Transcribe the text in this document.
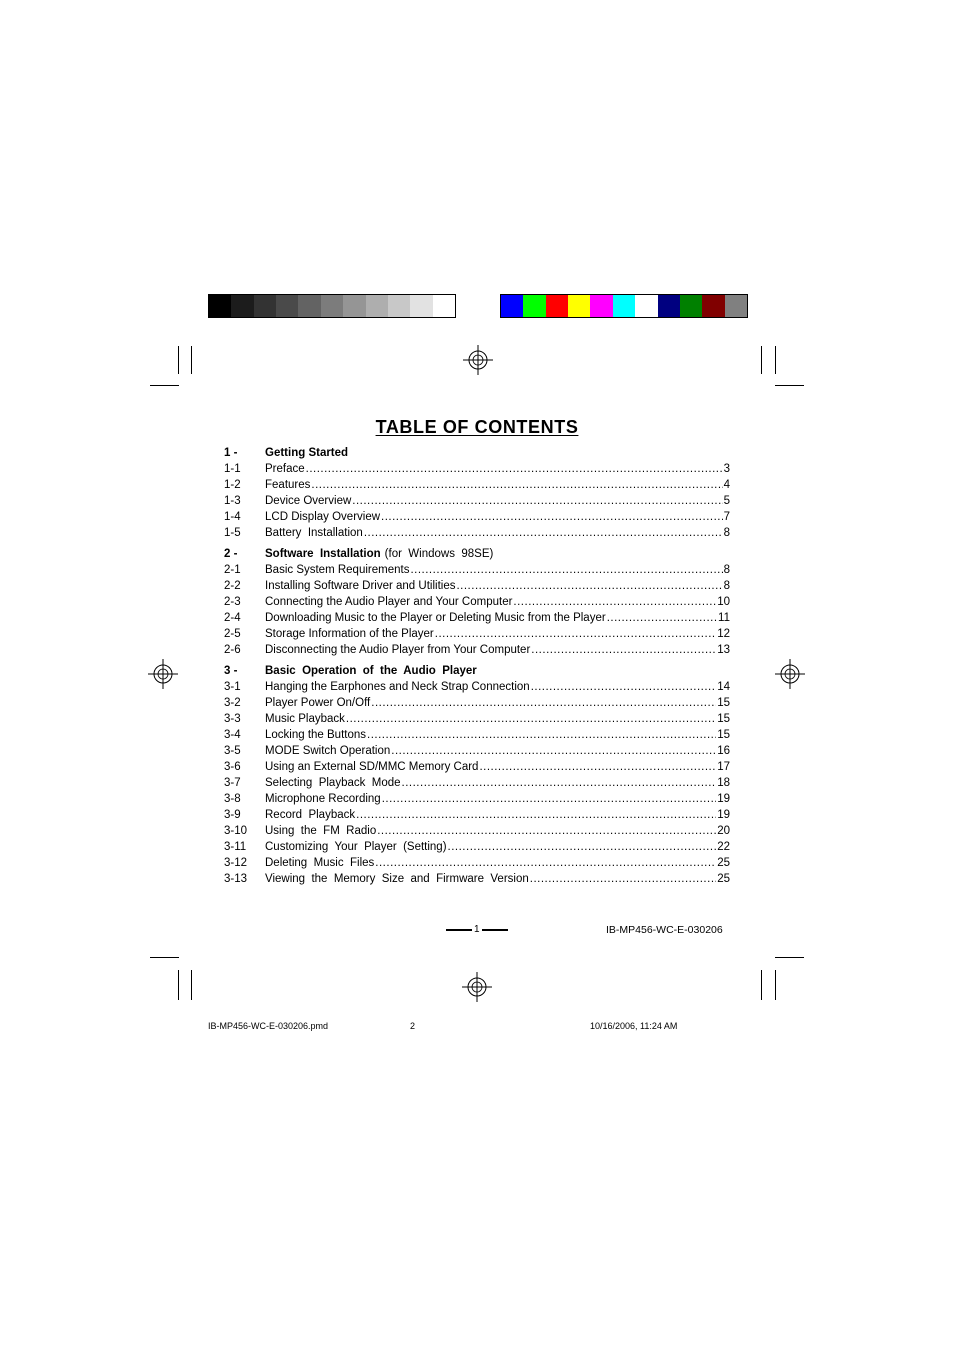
TABLE OF CONTENTS
1 -	Getting Started
1-1	Preface .....	3
1-2	Features .....	4
1-3	Device Overview .....	5
1-4	LCD Display Overview .....	7
1-5	Battery  Installation .....	8
2 -	Software  Installation (for  Windows  98SE)
2-1	Basic System Requirements .....	8
2-2	Installing Software Driver and Utilities .....	8
2-3	Connecting the Audio Player and Your Computer .....	10
2-4	Downloading Music to the Player or Deleting Music from the Player .....	11
2-5	Storage Information of the Player .....	12
2-6	Disconnecting the Audio Player from Your Computer .....	13
3 -	Basic  Operation  of  the  Audio  Player
3-1	Hanging the Earphones and Neck Strap Connection .....	14
3-2	Player Power On/Off .....	15
3-3	Music Playback .....	15
3-4	Locking the Buttons .....	15
3-5	MODE Switch Operation .....	16
3-6	Using an External SD/MMC Memory Card .....	17
3-7	Selecting  Playback  Mode .....	18
3-8	Microphone Recording .....	19
3-9	Record  Playback .....	19
3-10	Using  the  FM  Radio .....	20
3-11	Customizing  Your  Player  (Setting) .....	22
3-12	Deleting  Music  Files .....	25
3-13	Viewing  the  Memory  Size  and  Firmware  Version .....	25
1	IB-MP456-WC-E-030206
IB-MP456-WC-E-030206.pmd	2	10/16/2006, 11:24 AM
